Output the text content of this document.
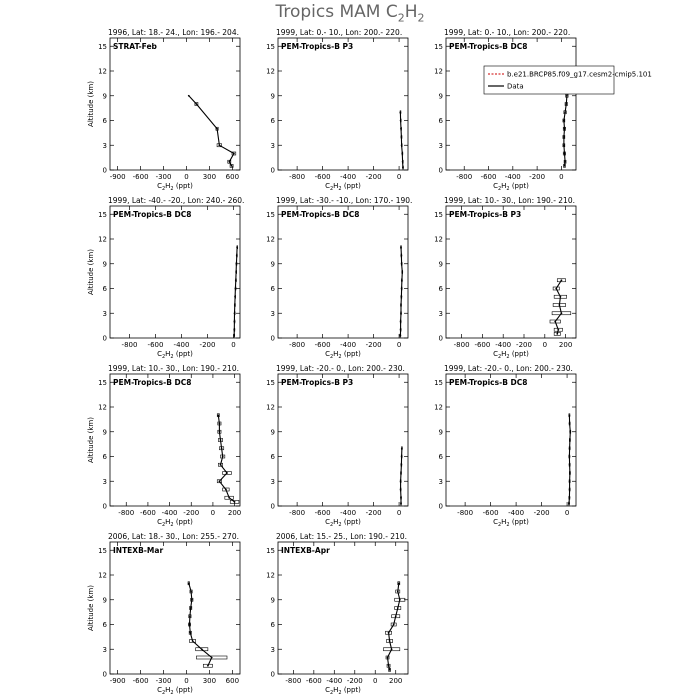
Tropics MAM $C_2H_2$
1996, Lat: 18.- 24., Lon: 196.- 204.
STRAT-Feb
0
3
6
9
12
15
-900 -600 -300 0 300 600
$C_2H_2$ (ppt)
Altitude (km)
1999, Lat: 0.- 10., Lon: 200.- 220.
PEM-Tropics-B P3
0
3
6
9
12
15
-800 -600 -400 -200 0
$C_2H_2$ (ppt)
1999, Lat: 0.- 10., Lon: 200.- 220.
PEM-Tropics-B DC8
0
3
6
9
12
15
-800 -600 -400 -200 0
$C_2H_2$ (ppt)
b.e21.BRCP85.f09_g17.cesm2-cmip5.101
Data
1999, Lat: -40.- -20., Lon: 240.- 260.
PEM-Tropics-B DC8
0
3
6
9
12
15
-800 -600 -400 -200 0
$C_2H_2$ (ppt)
Altitude (km)
1999, Lat: -30.- -10., Lon: 170.- 190.
PEM-Tropics-B DC8
0
3
6
9
12
15
-800 -600 -400 -200 0
$C_2H_2$ (ppt)
1999, Lat: 10.- 30., Lon: 190.- 210.
PEM-Tropics-B P3
0
3
6
9
12
15
-800 -600 -400 -200 0 200
$C_2H_2$ (ppt)
1999, Lat: 10.- 30., Lon: 190.- 210.
PEM-Tropics-B DC8
0
3
6
9
12
15
-800 -600 -400 -200 0 200
$C_2H_2$ (ppt)
Altitude (km)
1999, Lat: -20.- 0., Lon: 200.- 230.
PEM-Tropics-B P3
0
3
6
9
12
15
-800 -600 -400 -200 0
$C_2H_2$ (ppt)
1999, Lat: -20.- 0., Lon: 200.- 230.
PEM-Tropics-B DC8
0
3
6
9
12
15
-800 -600 -400 -200 0
$C_2H_2$ (ppt)
2006, Lat: 18.- 30., Lon: 255.- 270.
INTEXB-Mar
0
3
6
9
12
15
-900 -600 -300 0 300 600
$C_2H_2$ (ppt)
Altitude (km)
2006, Lat: 15.- 25., Lon: 190.- 210.
INTEXB-Apr
0
3
6
9
12
15
-800 -600 -400 -200 0 200
$C_2H_2$ (ppt)
